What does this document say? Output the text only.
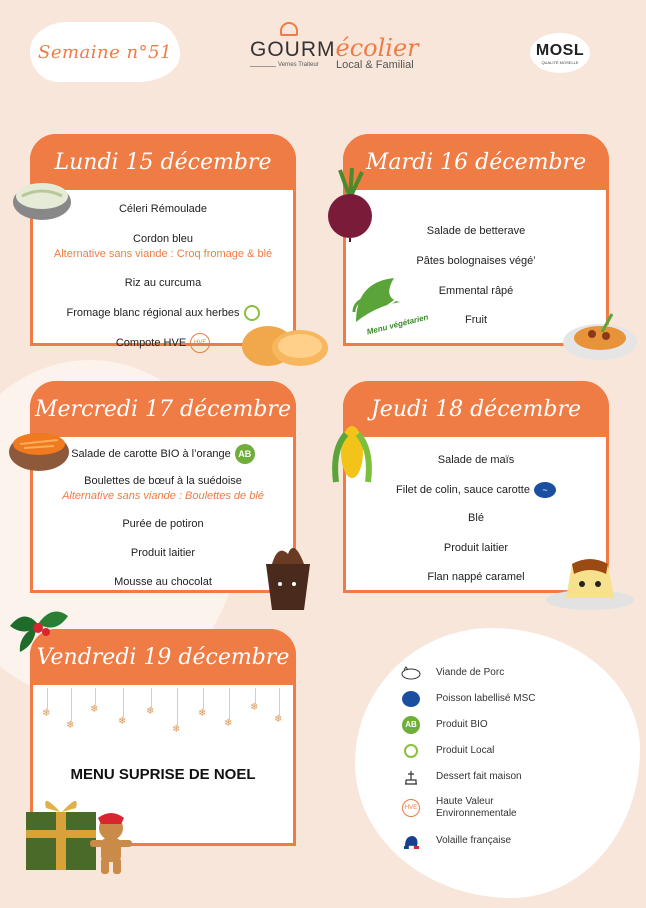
Semaine n°51	GOURMécolier
Vernes Traiteur Local & Familial
MOSL
QUALITÉ MOSELLE
Lundi 15 décembre
Céleri Rémoulade
Cordon bleu
Alternative sans viande : Croq fromage & blé
Riz au curcuma
Fromage blanc régional aux herbes
Compote HVE HVE
Mardi 16 décembre
Salade de betterave
Pâtes bolognaises végé’
Emmental râpé
Fruit
Menu végétarien
Mercredi 17 décembre
Salade de carotte BIO à l’orange AB
Boulettes de bœuf à la suédoise
Alternative sans viande : Boulettes de blé
Purée de potiron
Produit laitier
Mousse au chocolat
Jeudi 18 décembre
Salade de maïs
Filet de colin, sauce carotte ~
Blé
Produit laitier
Flan nappé caramel
Vendredi 19 décembre
❄
❄
❄
❄
❄
❄
❄
❄
❄
❄
MENU SUPRISE DE NOEL
Viande de Porc
Poisson labellisé MSC
AB	Produit BIO
Produit Local
Dessert fait maison
HVE
Haute Valeur Environnementale
Volaille française
